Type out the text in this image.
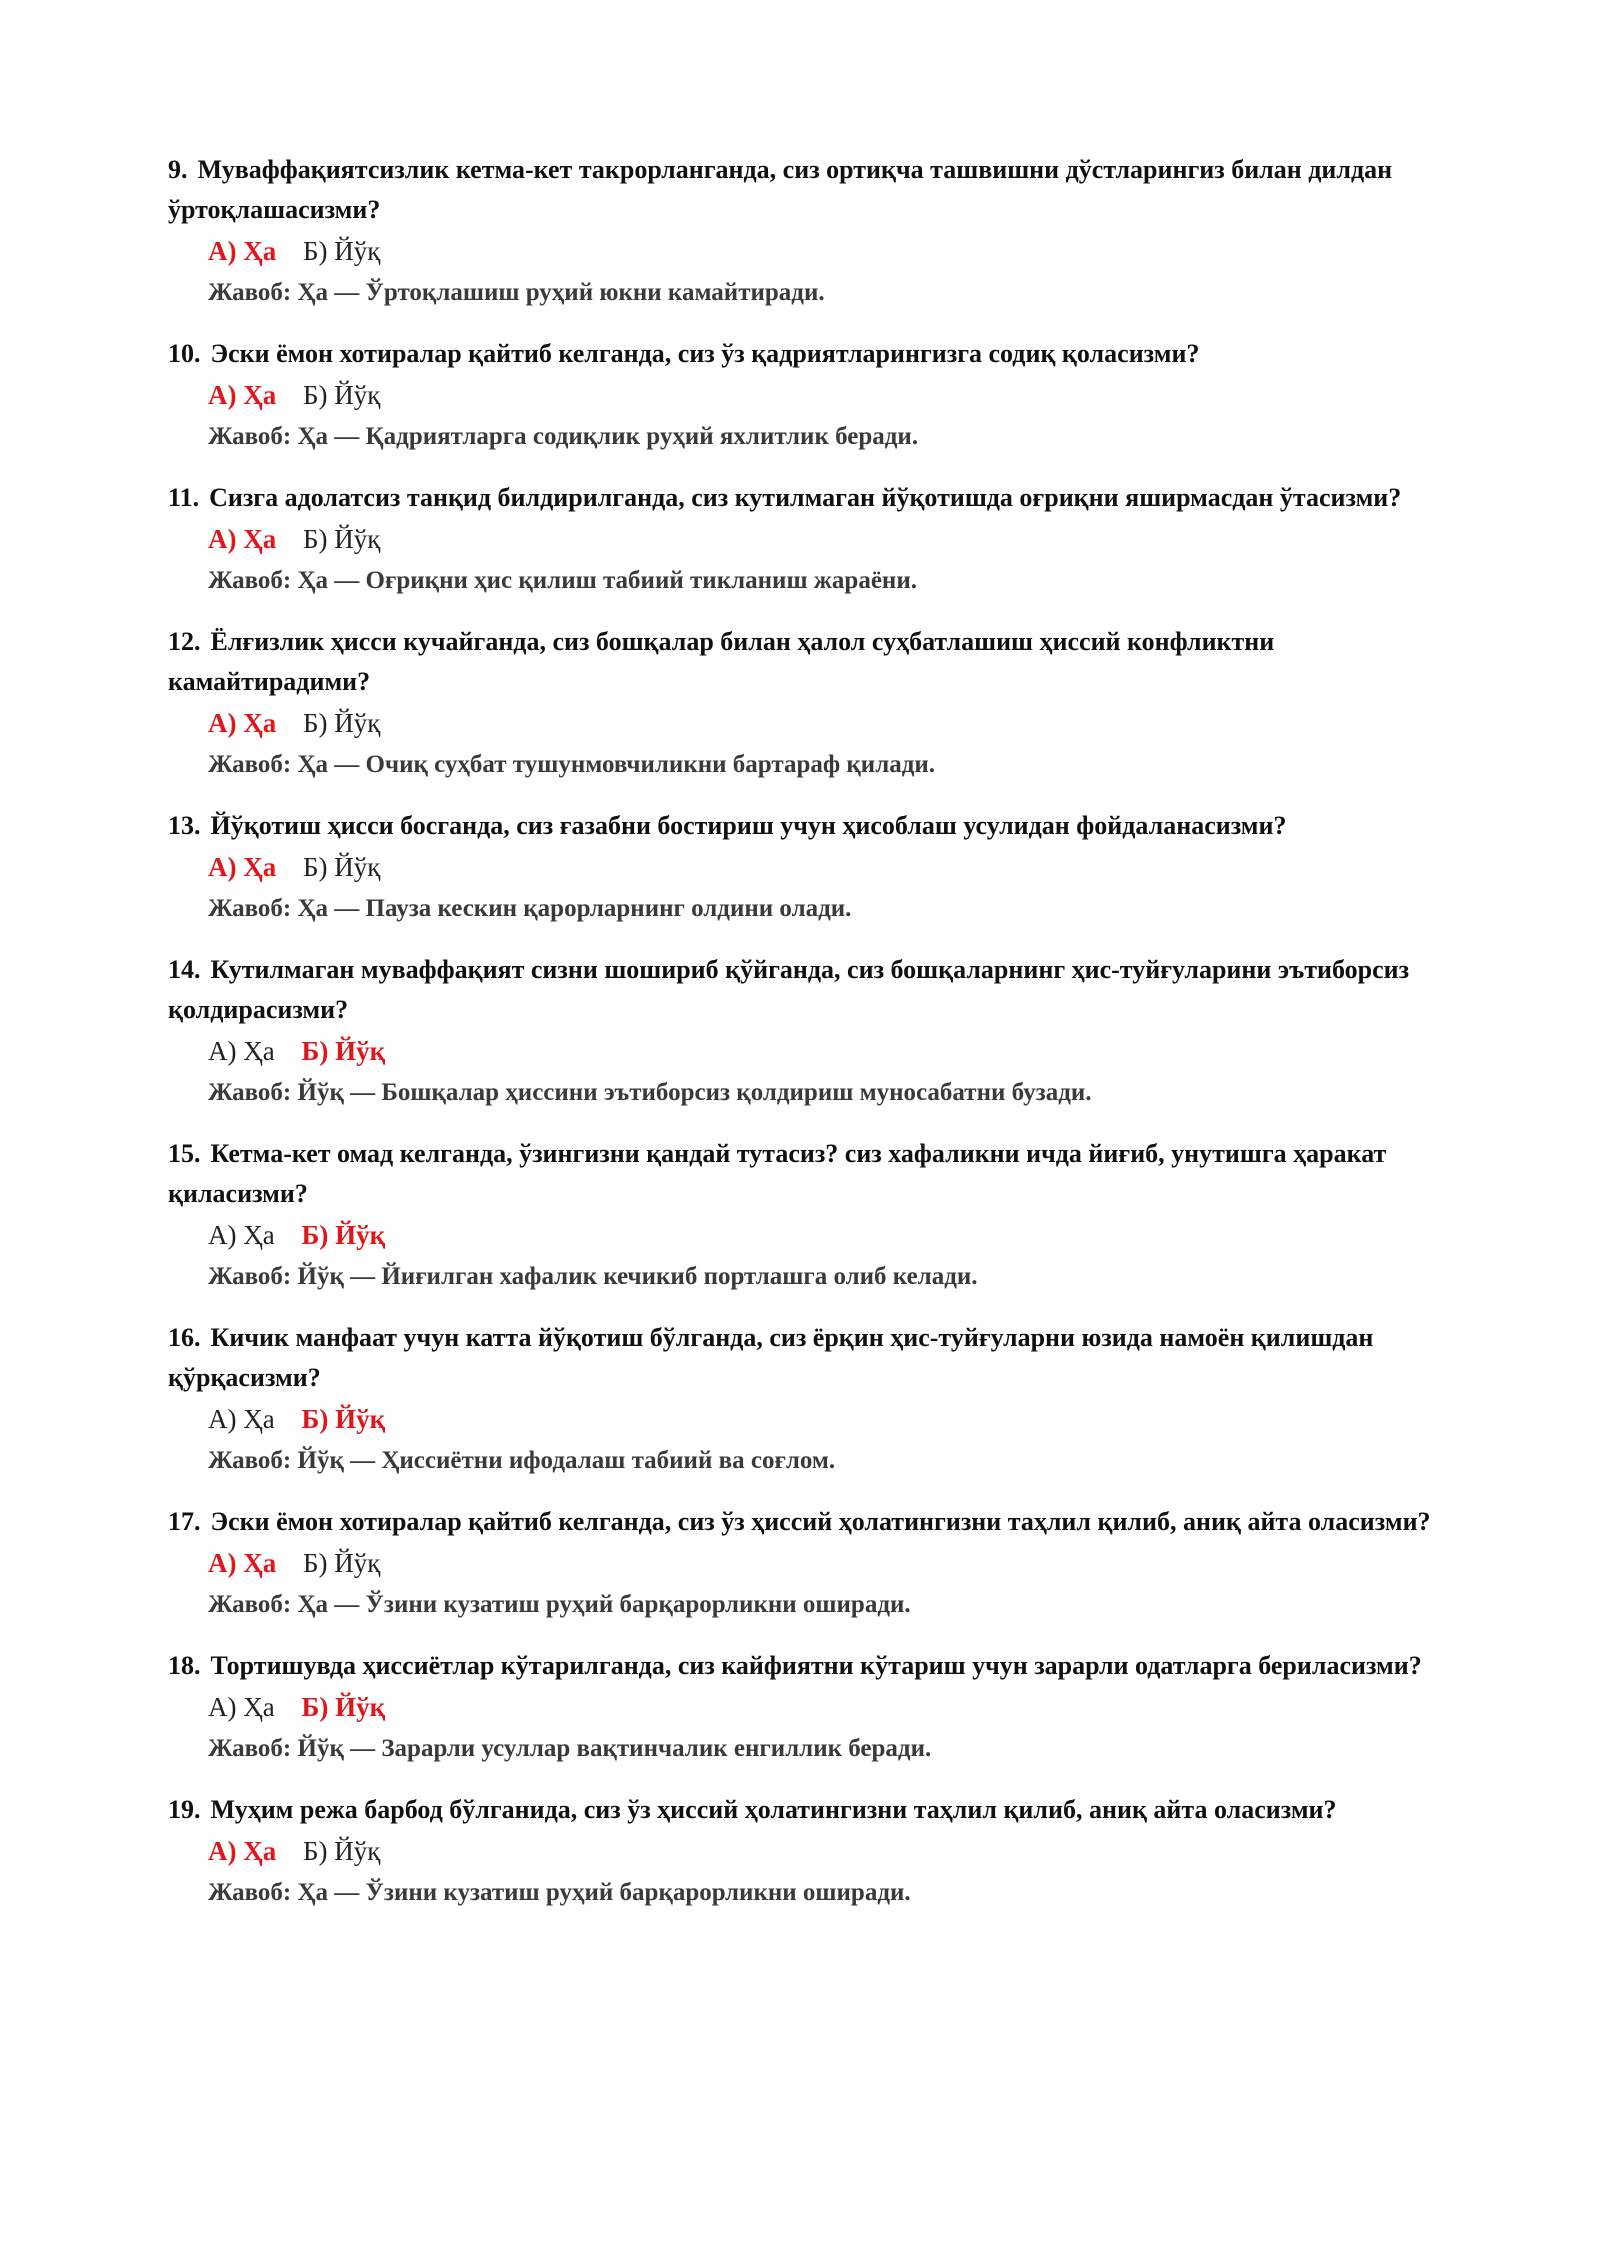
9. Муваффақиятсизлик кетма-кет такрорланганда, сиз ортиқча ташвишни дўстларингиз билан дилдан ўртоқлашасизми?

А) Ҳа Б) Йўқ

Жавоб: Ҳа — Ўртоқлашиш руҳий юкни камайтиради.

10. Эски ёмон хотиралар қайтиб келганда, сиз ўз қадриятларингизга содиқ қоласизми?

А) Ҳа Б) Йўқ

Жавоб: Ҳа — Қадриятларга содиқлик руҳий яхлитлик беради.

11. Сизга адолатсиз танқид билдирилганда, сиз кутилмаган йўқотишда оғриқни яширмасдан ўтасизми?

А) Ҳа Б) Йўқ

Жавоб: Ҳа — Оғриқни ҳис қилиш табиий тикланиш жараёни.

12. Ёлғизлик ҳисси кучайганда, сиз бошқалар билан ҳалол суҳбатлашиш ҳиссий конфликтни камайтирадими?

А) Ҳа Б) Йўқ

Жавоб: Ҳа — Очиқ суҳбат тушунмовчиликни бартараф қилади.

13. Йўқотиш ҳисси босганда, сиз ғазабни бостириш учун ҳисоблаш усулидан фойдаланасизми?

А) Ҳа Б) Йўқ

Жавоб: Ҳа — Пауза кескин қарорларнинг олдини олади.

14. Кутилмаган муваффақият сизни шошириб қўйганда, сиз бошқаларнинг ҳис-туйғуларини эътиборсиз қолдирасизми?

А) Ҳа Б) Йўқ

Жавоб: Йўқ — Бошқалар ҳиссини эътиборсиз қолдириш муносабатни бузади.

15. Кетма-кет омад келганда, ўзингизни қандай тутасиз? сиз хафаликни ичда йиғиб, унутишга ҳаракат қиласизми?

А) Ҳа Б) Йўқ

Жавоб: Йўқ — Йиғилган хафалик кечикиб портлашга олиб келади.

16. Кичик манфаат учун катта йўқотиш бўлганда, сиз ёрқин ҳис-туйғуларни юзида намоён қилишдан қўрқасизми?

А) Ҳа Б) Йўқ

Жавоб: Йўқ — Ҳиссиётни ифодалаш табиий ва соғлом.

17. Эски ёмон хотиралар қайтиб келганда, сиз ўз ҳиссий ҳолатингизни таҳлил қилиб, аниқ айта оласизми?

А) Ҳа Б) Йўқ

Жавоб: Ҳа — Ўзини кузатиш руҳий барқарорликни оширади.

18. Тортишувда ҳиссиётлар кўтарилганда, сиз кайфиятни кўтариш учун зарарли одатларга бериласизми?

А) Ҳа Б) Йўқ

Жавоб: Йўқ — Зарарли усуллар вақтинчалик енгиллик беради.

19. Муҳим режа барбод бўлганида, сиз ўз ҳиссий ҳолатингизни таҳлил қилиб, аниқ айта оласизми?

А) Ҳа Б) Йўқ

Жавоб: Ҳа — Ўзини кузатиш руҳий барқарорликни оширади.
